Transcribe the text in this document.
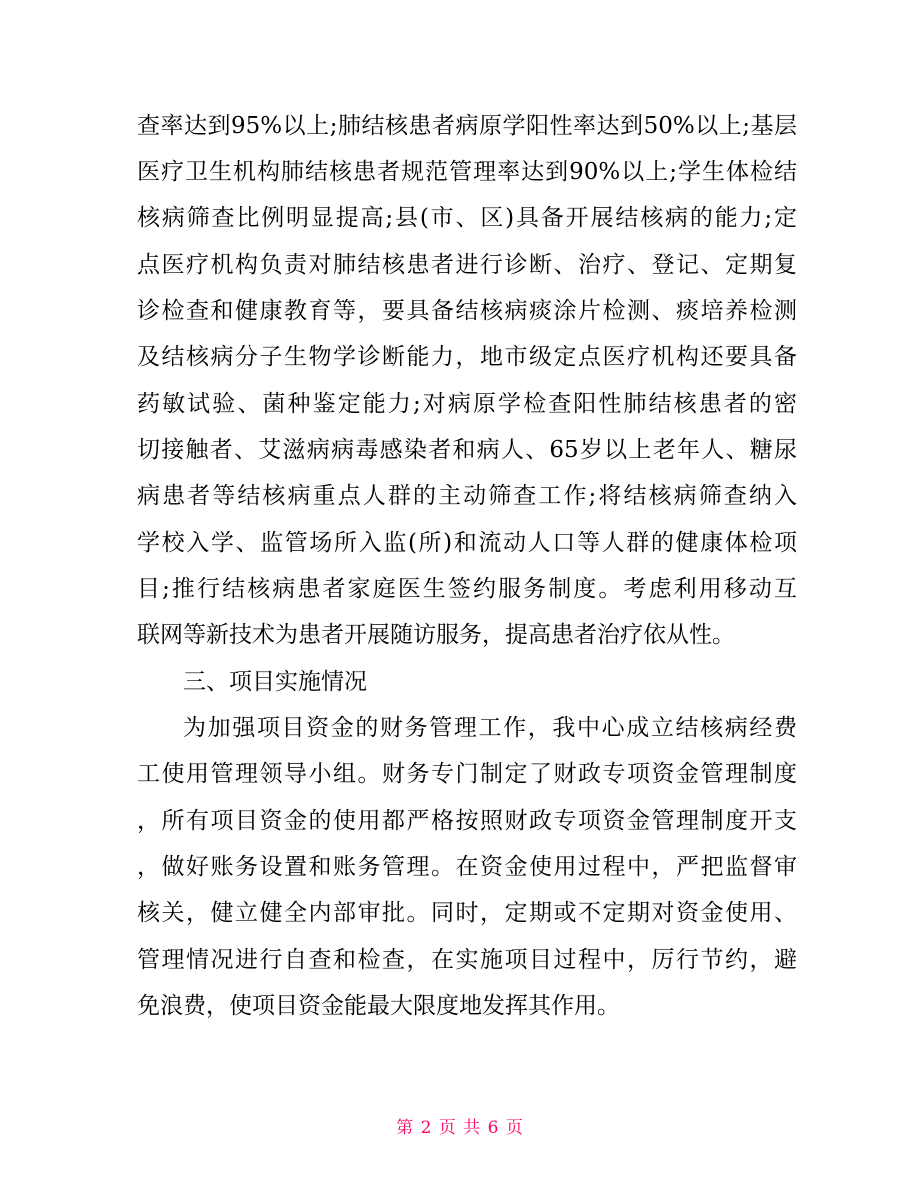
查率达到95%以上;肺结核患者病原学阳性率达到50%以上;基层
医疗卫生机构肺结核患者规范管理率达到90%以上;学生体检结
核病筛查比例明显提高;县(市、区)具备开展结核病的能力;定
点医疗机构负责对肺结核患者进行诊断、治疗、登记、定期复
诊检查和健康教育等，要具备结核病痰涂片检测、痰培养检测
及结核病分子生物学诊断能力，地市级定点医疗机构还要具备
药敏试验、菌种鉴定能力;对病原学检查阳性肺结核患者的密
切接触者、艾滋病病毒感染者和病人、65岁以上老年人、糖尿
病患者等结核病重点人群的主动筛查工作;将结核病筛查纳入
学校入学、监管场所入监(所)和流动人口等人群的健康体检项
目;推行结核病患者家庭医生签约服务制度。考虑利用移动互
联网等新技术为患者开展随访服务，提高患者治疗依从性。
三、项目实施情况
为加强项目资金的财务管理工作，我中心成立结核病经费
工使用管理领导小组。财务专门制定了财政专项资金管理制度
，所有项目资金的使用都严格按照财政专项资金管理制度开支
，做好账务设置和账务管理。在资金使用过程中，严把监督审
核关，健立健全内部审批。同时，定期或不定期对资金使用、
管理情况进行自查和检查，在实施项目过程中，厉行节约，避
免浪费，使项目资金能最大限度地发挥其作用。
第 2 页 共 6 页
